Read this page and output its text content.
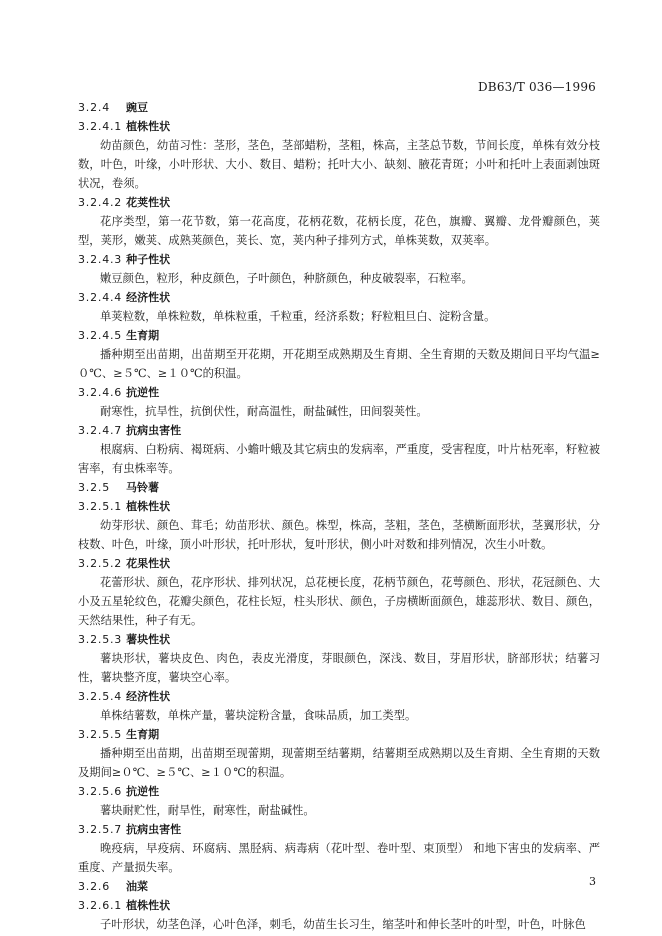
DB63/T 036—1996
3.2.4 豌豆
3.2.4.1 植株性状

幼苗颜色，幼苗习性：茎形，茎色，茎部蜡粉，茎粗，株高，主茎总节数，节间长度，单株有效分枝数，叶色，叶缘，小叶形状、大小、数目、蜡粉；托叶大小、缺刻、腋花青斑；小叶和托叶上表面剥蚀斑状况，卷须。

3.2.4.2 花荚性状

花序类型，第一花节数，第一花高度，花柄花数，花柄长度，花色，旗瓣、翼瓣、龙骨瓣颜色，荚型，荚形，嫩荚、成熟荚颜色，荚长、宽，荚内种子排列方式，单株荚数，双荚率。

3.2.4.3 种子性状

嫩豆颜色，粒形，种皮颜色，子叶颜色，种脐颜色，种皮破裂率，石粒率。

3.2.4.4 经济性状

单荚粒数，单株粒数，单株粒重，千粒重，经济系数；籽粒粗旦白、淀粉含量。

3.2.4.5 生育期

播种期至出苗期，出苗期至开花期，开花期至成熟期及生育期、全生育期的天数及期间日平均气温≥０℃、≥５℃、≥１０℃的积温。

3.2.4.6 抗逆性

耐寒性，抗旱性，抗倒伏性，耐高温性，耐盐碱性，田间裂荚性。

3.2.4.7 抗病虫害性

根腐病、白粉病、褐斑病、小蟾叶蛾及其它病虫的发病率，严重度，受害程度，叶片枯死率，籽粒被害率，有虫株率等。

3.2.5 马铃薯
3.2.5.1 植株性状

幼芽形状、颜色、茸毛；幼苗形状、颜色。株型，株高，茎粗，茎色，茎横断面形状，茎翼形状，分枝数、叶色，叶缘，顶小叶形状，托叶形状，复叶形状，侧小叶对数和排列情况，次生小叶数。

3.2.5.2 花果性状

花蕾形状、颜色，花序形状、排列状况，总花梗长度，花柄节颜色，花萼颜色、形状，花冠颜色、大小及五星轮纹色，花瓣尖颜色，花柱长短，柱头形状、颜色，子房横断面颜色，雄蕊形状、数目、颜色，天然结果性，种子有无。

3.2.5.3 薯块性状

薯块形状，薯块皮色、肉色，表皮光滑度，芽眼颜色，深浅、数目，芽眉形状，脐部形状；结薯习性，薯块整齐度，薯块空心率。

3.2.5.4 经济性状

单株结薯数，单株产量，薯块淀粉含量，食味品质，加工类型。

3.2.5.5 生育期

播种期至出苗期，出苗期至现蕾期，现蕾期至结薯期，结薯期至成熟期以及生育期、全生育期的天数及期间≥０℃、≥５℃、≥１０℃的积温。

3.2.5.6 抗逆性

薯块耐贮性，耐旱性，耐寒性，耐盐碱性。

3.2.5.7 抗病虫害性

晚疫病，早疫病、环腐病、黑胫病、病毒病（花叶型、卷叶型、束顶型） 和地下害虫的发病率、严重度、产量损失率。

3.2.6 油菜
3.2.6.1 植株性状

子叶形状，幼茎色泽，心叶色泽，刺毛，幼苗生长习生，缩茎叶和伸长茎叶的叶型，叶色，叶脉色

3
